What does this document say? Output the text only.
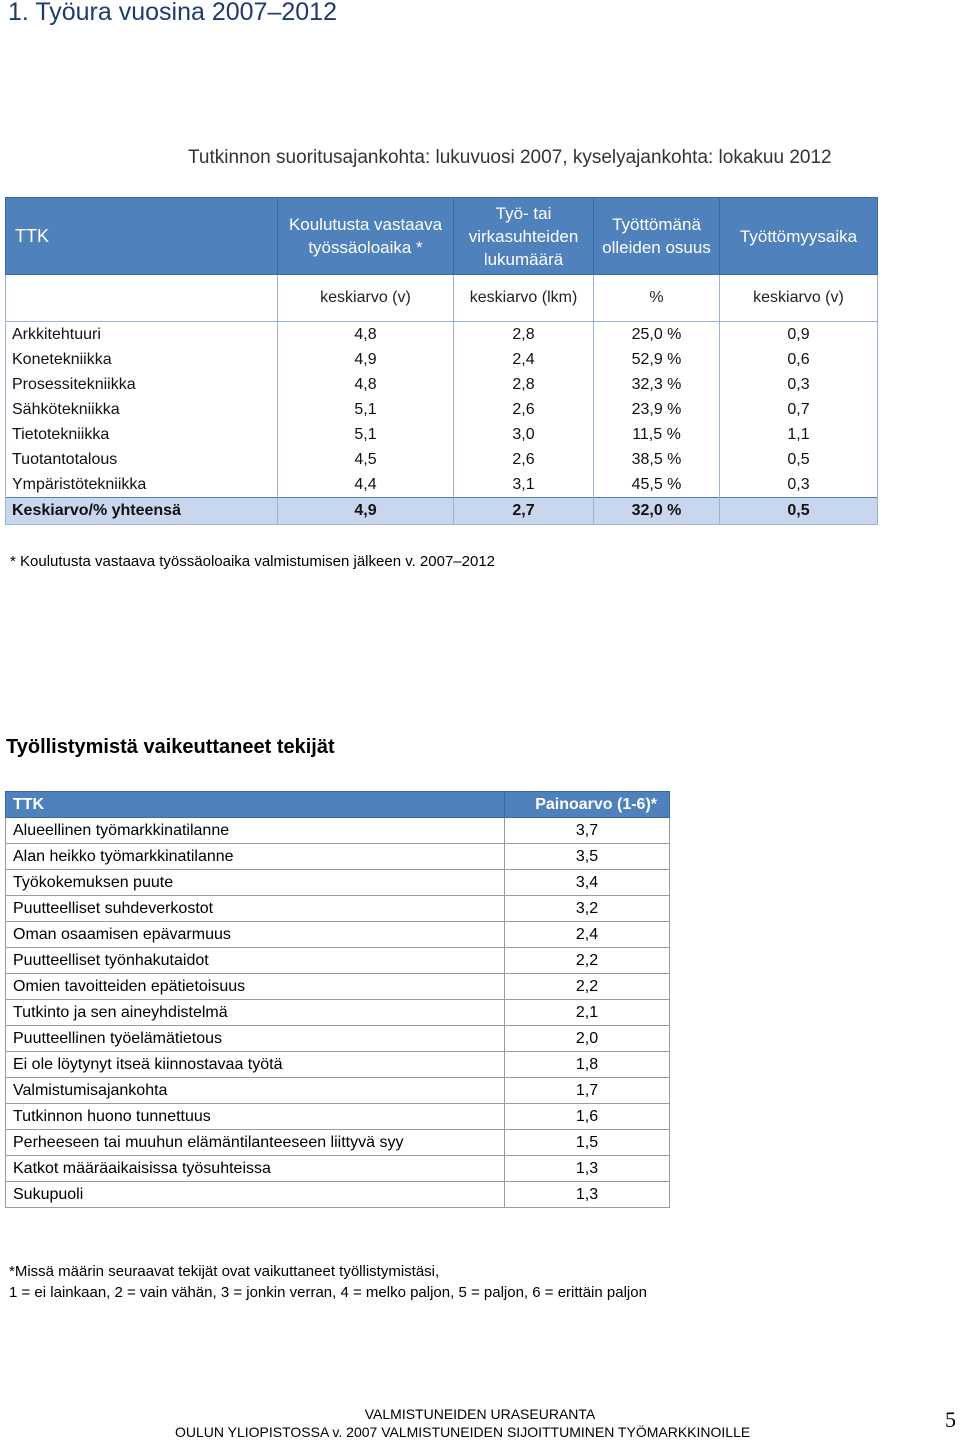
1. Työura vuosina 2007–2012
Tutkinnon suoritusajankohta: lukuvuosi 2007, kyselyajankohta: lokakuu 2012
TTK	Koulutusta vastaava työssäoloaika *	Työ- tai virkasuhteiden lukumäärä	Työttömänä olleiden osuus	Työttömyysaika
	keskiarvo (v)	keskiarvo (lkm)	%	keskiarvo (v)
Arkkitehtuuri	4,8	2,8	25,0 %	0,9
Konetekniikka	4,9	2,4	52,9 %	0,6
Prosessitekniikka	4,8	2,8	32,3 %	0,3
Sähkötekniikka	5,1	2,6	23,9 %	0,7
Tietotekniikka	5,1	3,0	11,5 %	1,1
Tuotantotalous	4,5	2,6	38,5 %	0,5
Ympäristötekniikka	4,4	3,1	45,5 %	0,3
Keskiarvo/% yhteensä	4,9	2,7	32,0 %	0,5
* Koulutusta vastaava työssäoloaika valmistumisen jälkeen v. 2007–2012
Työllistymistä vaikeuttaneet tekijät
TTK	Painoarvo (1-6)*
Alueellinen työmarkkinatilanne	3,7
Alan heikko työmarkkinatilanne	3,5
Työkokemuksen puute	3,4
Puutteelliset suhdeverkostot	3,2
Oman osaamisen epävarmuus	2,4
Puutteelliset työnhakutaidot	2,2
Omien tavoitteiden epätietoisuus	2,2
Tutkinto ja sen aineyhdistelmä	2,1
Puutteellinen työelämätietous	2,0
Ei ole löytynyt itseä kiinnostavaa työtä	1,8
Valmistumisajankohta	1,7
Tutkinnon huono tunnettuus	1,6
Perheeseen tai muuhun elämäntilanteeseen liittyvä syy	1,5
Katkot määräaikaisissa työsuhteissa	1,3
Sukupuoli	1,3
*Missä määrin seuraavat tekijät ovat vaikuttaneet työllistymistäsi,
1 = ei lainkaan, 2 = vain vähän, 3 = jonkin verran, 4 = melko paljon, 5 = paljon, 6 = erittäin paljon
VALMISTUNEIDEN URASEURANTA
OULUN YLIOPISTOSSA v. 2007 VALMISTUNEIDEN SIJOITTUMINEN TYÖMARKKINOILLE	5
